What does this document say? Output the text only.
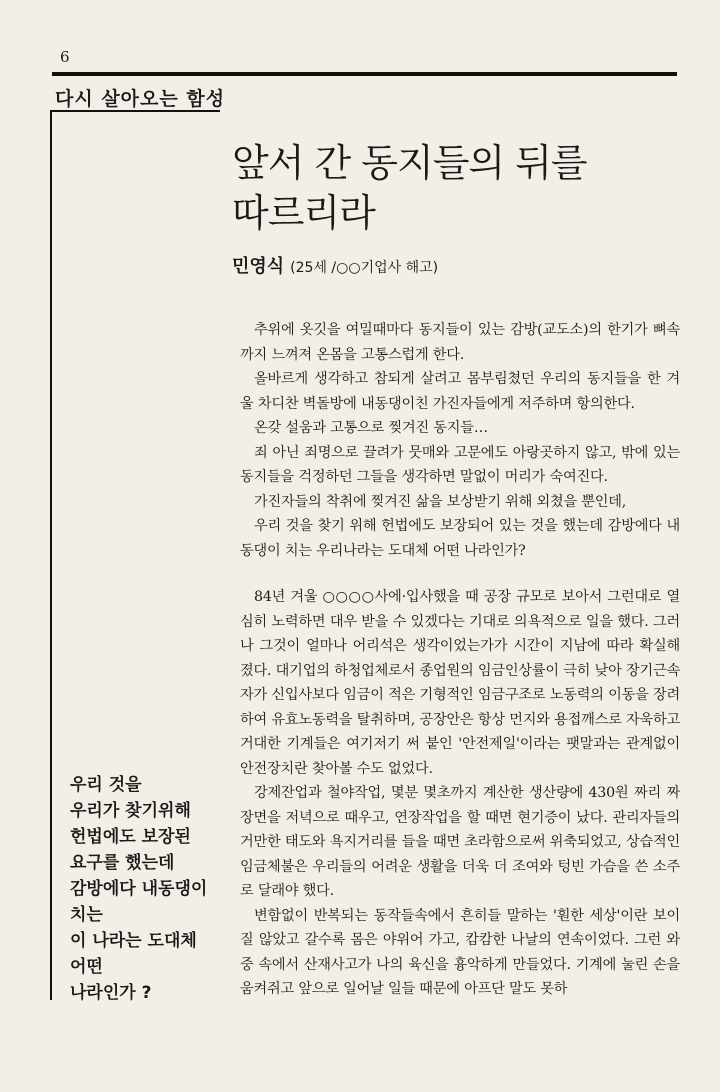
6
다시 살아오는 함성
앞서 간 동지들의 뒤를
따르리라
민영식 (25세 /○○기업사 해고)

추위에 옷깃을 여밀때마다 동지들이 있는 감방(교도소)의 한기가 뼈속까지 느껴져 온몸을 고통스럽게 한다.

올바르게 생각하고 참되게 살려고 몸부림쳤던 우리의 동지들을 한 겨울 차디찬 벽돌방에 내동댕이친 가진자들에게 저주하며 항의한다.

온갖 설움과 고통으로 찢겨진 동지들…

죄 아닌 죄명으로 끌려가 뭇매와 고문에도 아랑곳하지 않고, 밖에 있는 동지들을 걱정하던 그들을 생각하면 말없이 머리가 숙여진다.

가진자들의 착취에 찢겨진 삶을 보상받기 위해 외쳤을 뿐인데,

우리 것을 찾기 위해 헌법에도 보장되어 있는 것을 했는데 감방에다 내동댕이 치는 우리나라는 도대체 어떤 나라인가?

84년 겨울 ○○○○사에·입사했을 때 공장 규모로 보아서 그런대로 열심히 노력하면 대우 받을 수 있겠다는 기대로 의욕적으로 일을 했다. 그러나 그것이 얼마나 어리석은 생각이었는가가 시간이 지남에 따라 확실해 졌다. 대기업의 하청업체로서 종업원의 임금인상률이 극히 낮아 장기근속자가 신입사보다 임금이 적은 기형적인 임금구조로 노동력의 이동을 장려하여 유효노동력을 탈취하며, 공장안은 항상 먼지와 용접깨스로 자욱하고 거대한 기계들은 여기저기 써 붙인 '안전제일'이라는 팻말과는 관계없이 안전장치란 찾아볼 수도 없었다.

강제잔업과 철야작업, 몇분 몇초까지 계산한 생산량에 430원 짜리 짜장면을 저녁으로 때우고, 연장작업을 할 때면 현기증이 났다. 관리자들의 거만한 태도와 욕지거리를 들을 때면 초라함으로써 위축되었고, 상습적인 임금체불은 우리들의 어려운 생활을 더욱 더 조여와 텅빈 가슴을 쓴 소주로 달래야 했다.

변함없이 반복되는 동작들속에서 흔히들 말하는 '훤한 세상'이란 보이질 않았고 갈수록 몸은 야위어 가고, 캄캄한 나날의 연속이었다. 그런 와중 속에서 산재사고가 나의 육신을 흉악하게 만들었다. 기계에 눌린 손을 움켜쥐고 앞으로 일어날 일들 때문에 아프단 말도 못하

우리 것을
우리가 찾기위해
헌법에도 보장된
요구를 했는데
감방에다 내동댕이
치는
이 나라는 도대체
어떤
나라인가 ?
